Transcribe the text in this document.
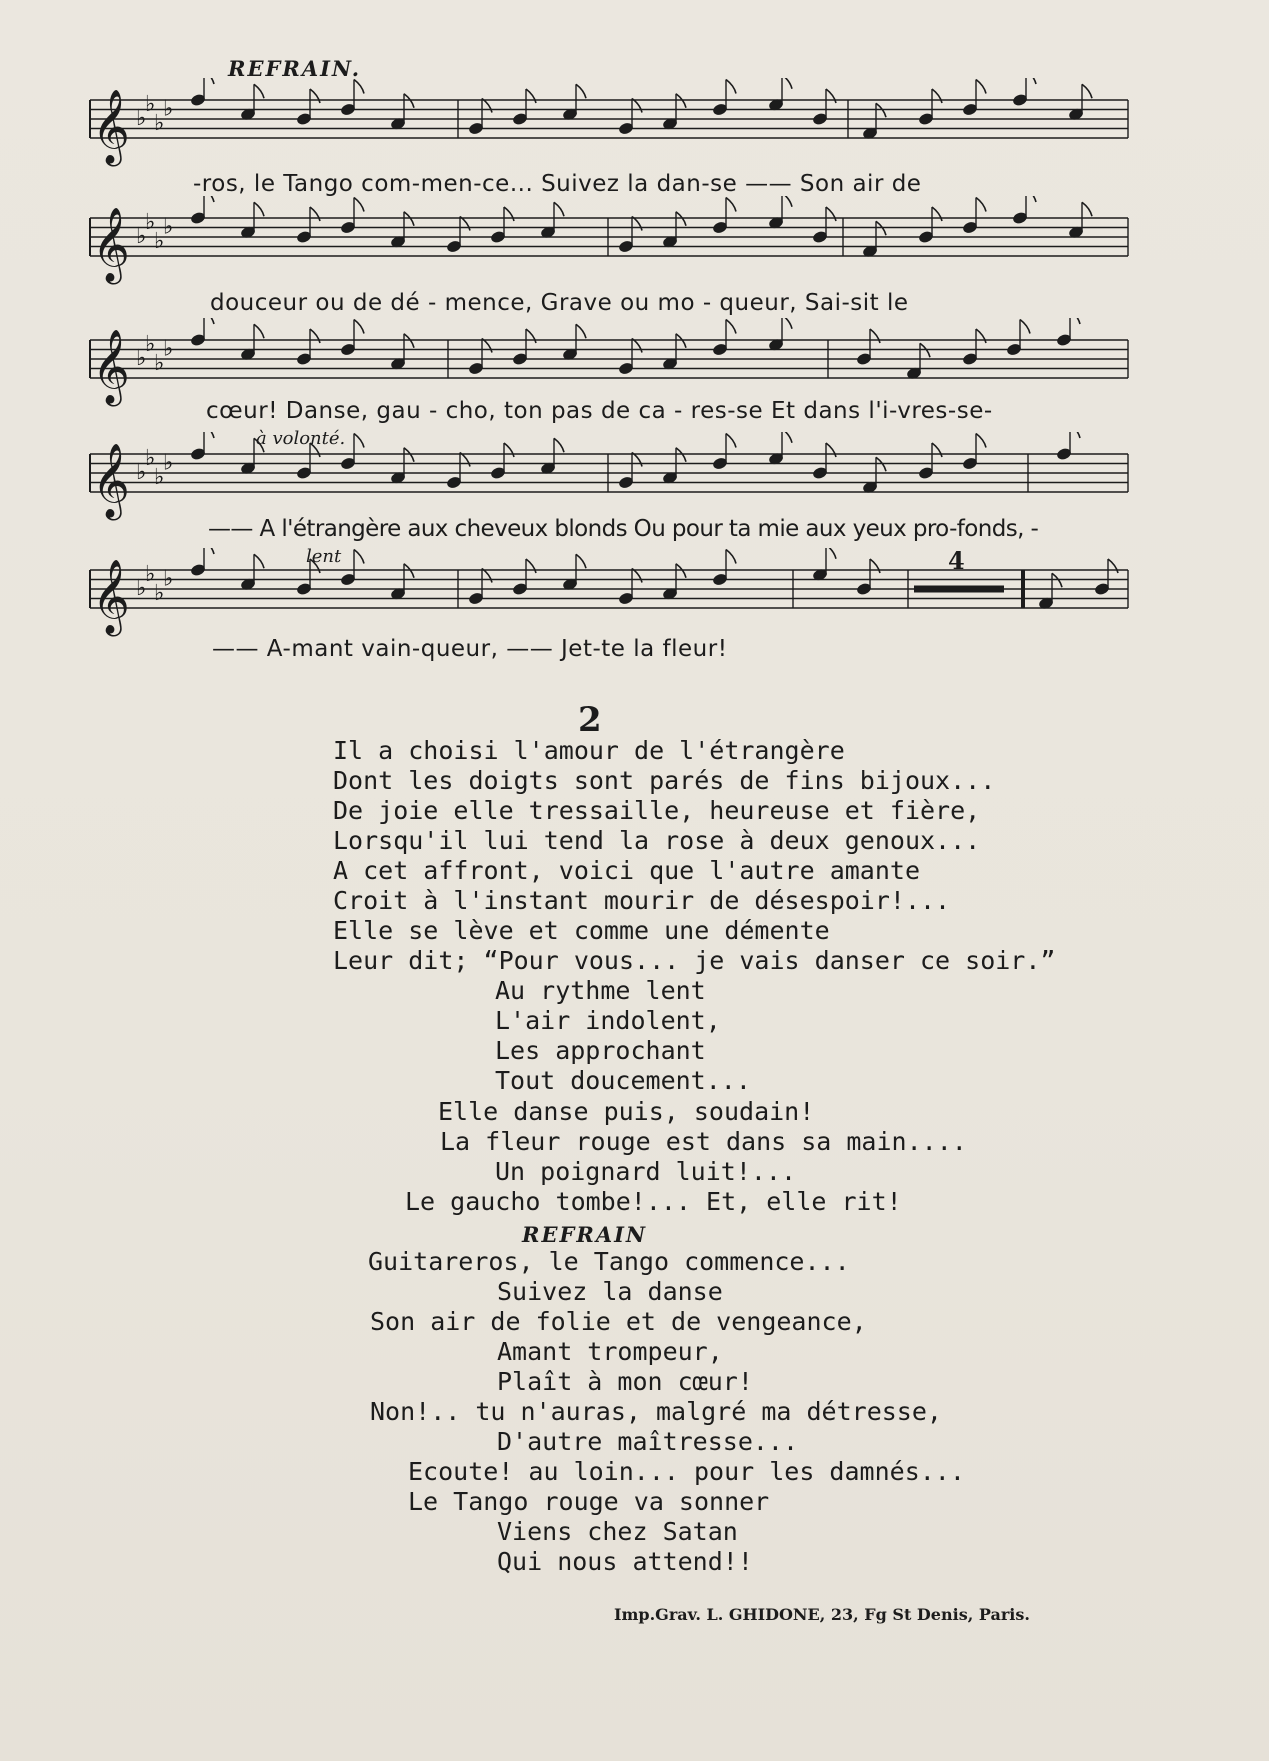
REFRAIN.
𝄞 ♭
♭
♭
♭
-ros, le Tango com-men-ce... Suivez la dan-se —— Son air de
𝄞 ♭
♭
♭
♭
douceur ou de dé - mence, Grave ou mo - queur, Sai-sit le
𝄞 ♭
♭
♭
♭
cœur! Danse, gau - cho, ton pas de ca - res-se Et dans l'i-vres-se-
à volonté.
𝄞 ♭
♭
♭
♭
—— A l'étrangère aux cheveux blonds Ou pour ta mie aux yeux pro-fonds, -
lent	4
𝄞 ♭
♭
♭
♭
—— A-mant vain-queur, —— Jet-te la fleur!
2
Il a choisi l'amour de l'étrangère
Dont les doigts sont parés de fins bijoux...
De joie elle tressaille, heureuse et fière,
Lorsqu'il lui tend la rose à deux genoux...
A cet affront, voici que l'autre amante
Croit à l'instant mourir de désespoir!...
Elle se lève et comme une démente
Leur dit; “Pour vous... je vais danser ce soir.”
Au rythme lent
L'air indolent,
Les approchant
Tout doucement...
Elle danse puis, soudain!
La fleur rouge est dans sa main....
Un poignard luit!...
Le gaucho tombe!... Et, elle rit!
REFRAIN
Guitareros, le Tango commence...
Suivez la danse
Son air de folie et de vengeance,
Amant trompeur,
Plaît à mon cœur!
Non!.. tu n'auras, malgré ma détresse,
D'autre maîtresse...
Ecoute! au loin... pour les damnés...
Le Tango rouge va sonner
Viens chez Satan
Qui nous attend!!
Imp.Grav. L. GHIDONE, 23, Fg St Denis, Paris.
